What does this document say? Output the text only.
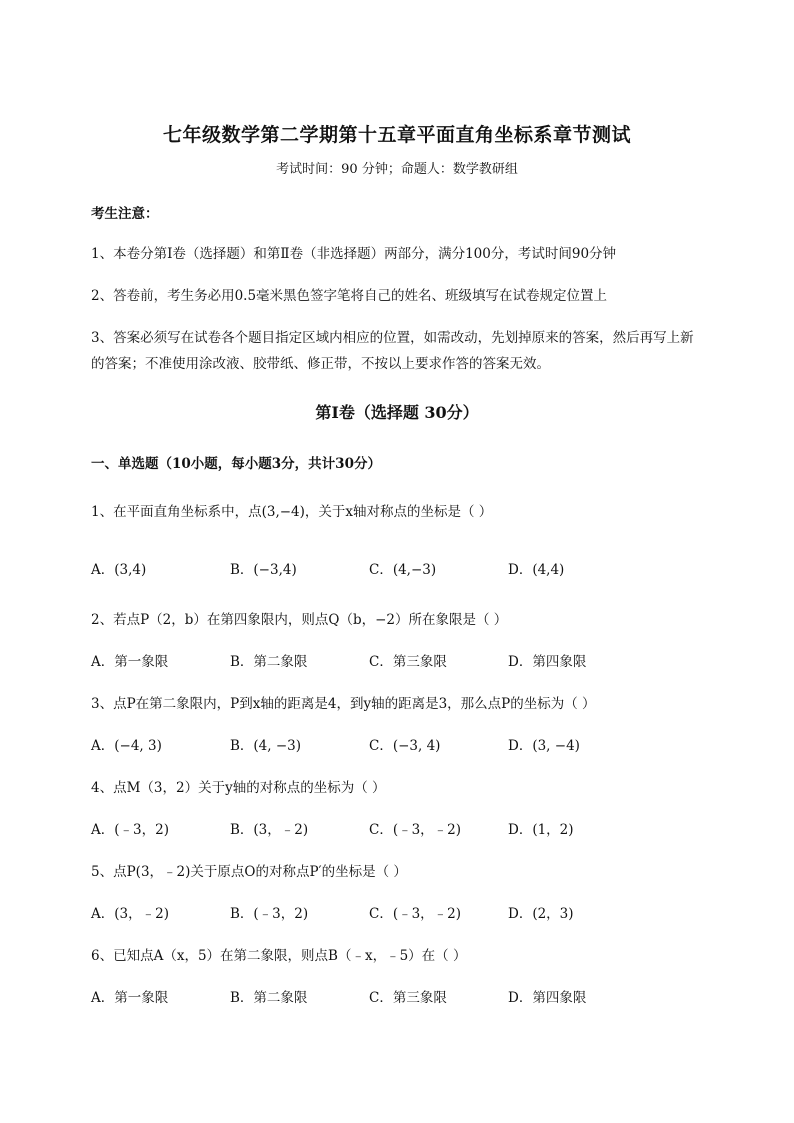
七年级数学第二学期第十五章平面直角坐标系章节测试
考试时间：90 分钟；命题人：数学教研组
考生注意：
1、本卷分第Ⅰ卷（选择题）和第Ⅱ卷（非选择题）两部分，满分100分，考试时间90分钟
2、答卷前，考生务必用0.5毫米黑色签字笔将自己的姓名、班级填写在试卷规定位置上
3、答案必须写在试卷各个题目指定区域内相应的位置，如需改动，先划掉原来的答案，然后再写上新
的答案；不准使用涂改液、胶带纸、修正带，不按以上要求作答的答案无效。
第Ⅰ卷（选择题 30分）
一、单选题（10小题，每小题3分，共计30分）
1、在平面直角坐标系中，点(3,−4)，关于x轴对称点的坐标是（ ）
A．(3,4)	B．(−3,4)	C．(4,−3)	D．(4,4)
2、若点P（2，b）在第四象限内，则点Q（b，−2）所在象限是（ ）
A．第一象限	B．第二象限	C．第三象限	D．第四象限
3、点P在第二象限内，P到x轴的距离是4，到y轴的距离是3，那么点P的坐标为（ ）
A．(−4, 3)	B．(4, −3)	C．(−3, 4)	D．(3, −4)
4、点M（3，2）关于y轴的对称点的坐标为（ ）
A．(﹣3，2)	B．(3，﹣2)	C．(﹣3，﹣2)	D．(1，2)
5、点P(3，﹣2)关于原点O的对称点P′的坐标是（ ）
A．(3，﹣2)	B．(﹣3，2)	C．(﹣3，﹣2)	D．(2，3)
6、已知点A（x，5）在第二象限，则点B（﹣x，﹣5）在（ ）
A．第一象限	B．第二象限	C．第三象限	D．第四象限
